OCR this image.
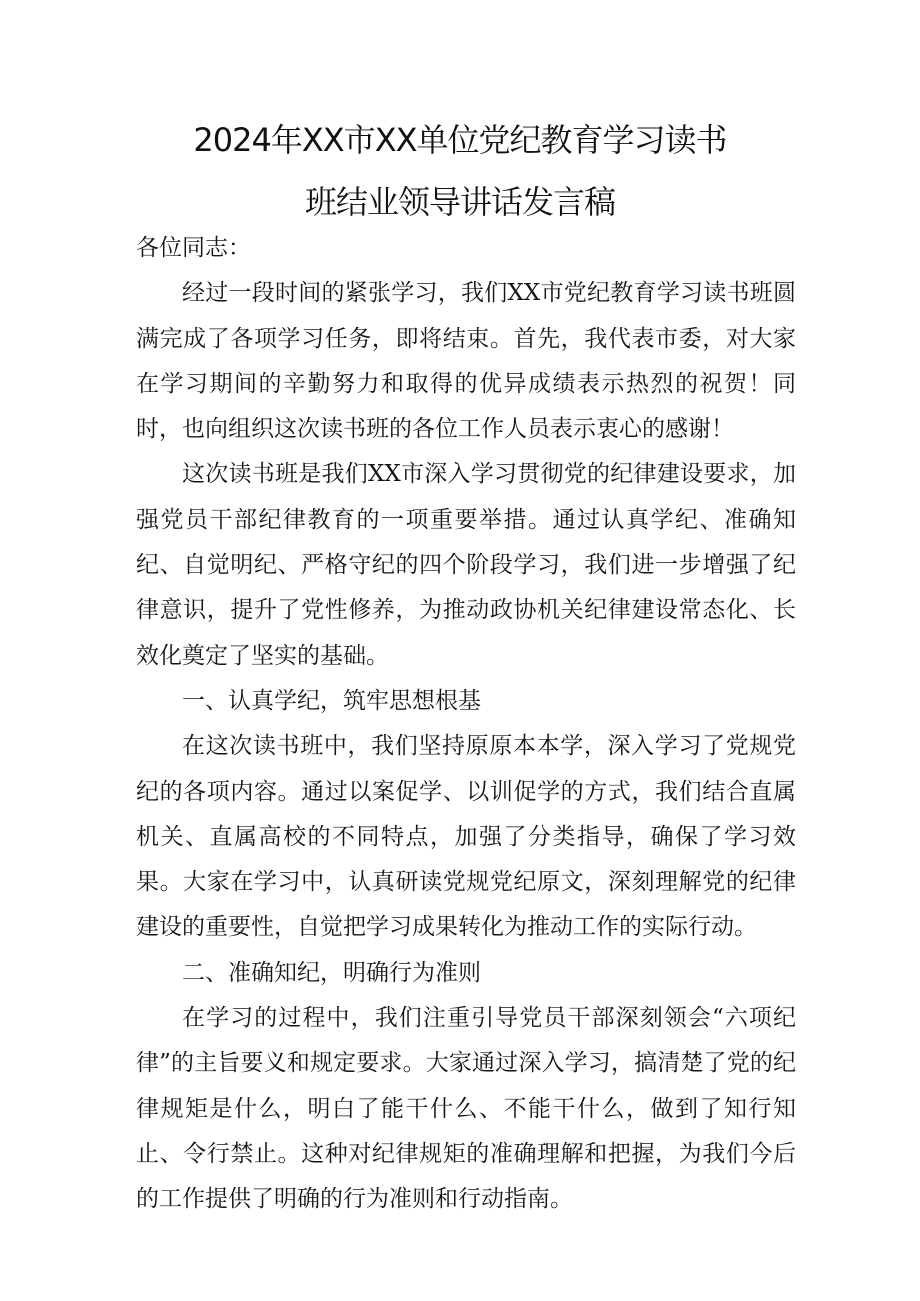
2024年XX市XX单位党纪教育学习读书
班结业领导讲话发言稿

各位同志：

经过一段时间的紧张学习，我们XX市党纪教育学习读书班圆满完成了各项学习任务，即将结束。首先，我代表市委，对大家在学习期间的辛勤努力和取得的优异成绩表示热烈的祝贺！同时，也向组织这次读书班的各位工作人员表示衷心的感谢！

这次读书班是我们XX市深入学习贯彻党的纪律建设要求，加强党员干部纪律教育的一项重要举措。通过认真学纪、准确知纪、自觉明纪、严格守纪的四个阶段学习，我们进一步增强了纪律意识，提升了党性修养，为推动政协机关纪律建设常态化、长效化奠定了坚实的基础。

一、认真学纪，筑牢思想根基

在这次读书班中，我们坚持原原本本学，深入学习了党规党纪的各项内容。通过以案促学、以训促学的方式，我们结合直属机关、直属高校的不同特点，加强了分类指导，确保了学习效果。大家在学习中，认真研读党规党纪原文，深刻理解党的纪律建设的重要性，自觉把学习成果转化为推动工作的实际行动。

二、准确知纪，明确行为准则

在学习的过程中，我们注重引导党员干部深刻领会“六项纪律”的主旨要义和规定要求。大家通过深入学习，搞清楚了党的纪律规矩是什么，明白了能干什么、不能干什么，做到了知行知止、令行禁止。这种对纪律规矩的准确理解和把握，为我们今后的工作提供了明确的行为准则和行动指南。
